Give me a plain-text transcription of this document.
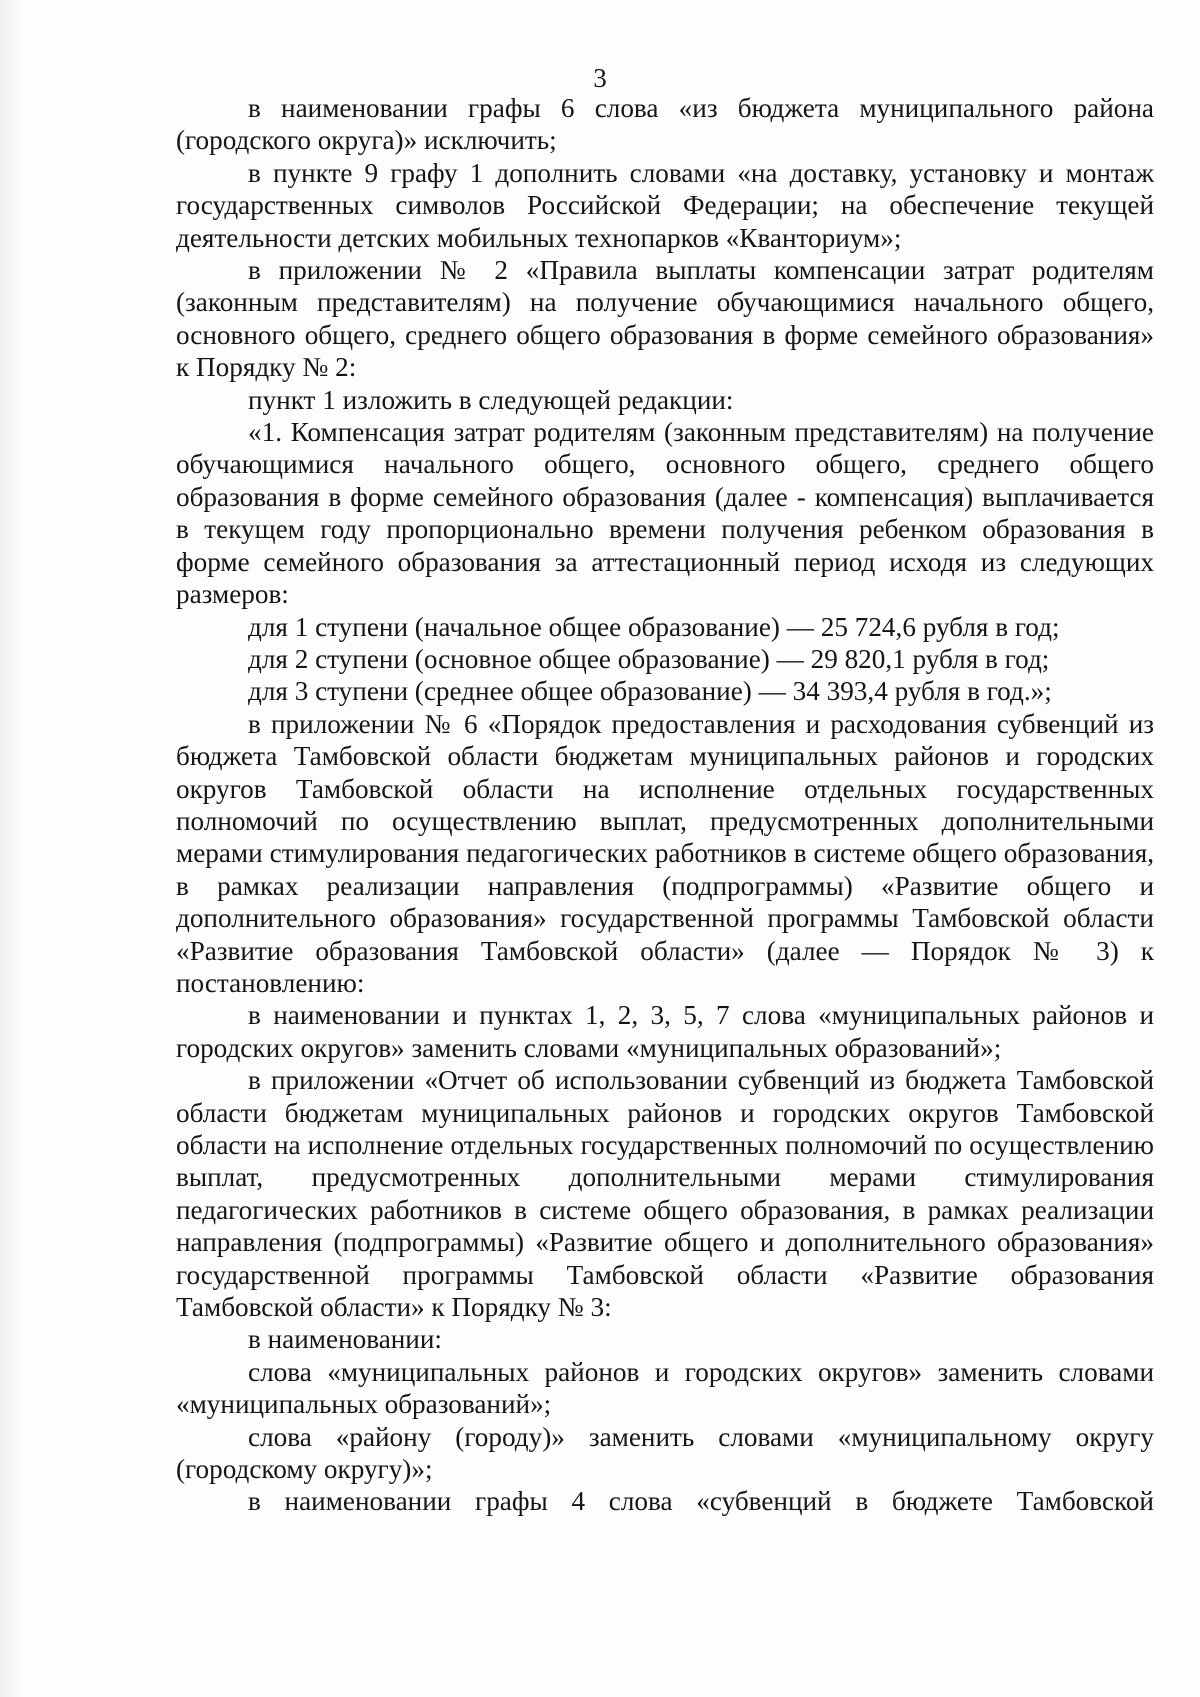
3

в наименовании графы 6 слова «из бюджета муниципального района (городского округа)» исключить;

в пункте 9 графу 1 дополнить словами «на доставку, установку и монтаж государственных символов Российской Федерации; на обеспечение текущей деятельности детских мобильных технопарков «Кванториум»;

в приложении № 2 «Правила выплаты компенсации затрат родителям (законным представителям) на получение обучающимися начального общего, основного общего, среднего общего образования в форме семейного образования» к Порядку № 2:

пункт 1 изложить в следующей редакции:

«1. Компенсация затрат родителям (законным представителям) на получение обучающимися начального общего, основного общего, среднего общего образования в форме семейного образования (далее - компенсация) выплачивается в текущем году пропорционально времени получения ребенком образования в форме семейного образования за аттестационный период исходя из следующих размеров:

для 1 ступени (начальное общее образование) — 25 724,6 рубля в год;

для 2 ступени (основное общее образование) — 29 820,1 рубля в год;

для 3 ступени (среднее общее образование) — 34 393,4 рубля в год.»;

в приложении № 6 «Порядок предоставления и расходования субвенций из бюджета Тамбовской области бюджетам муниципальных районов и городских округов Тамбовской области на исполнение отдельных государственных полномочий по осуществлению выплат, предусмотренных дополнительными мерами стимулирования педагогических работников в системе общего образования, в рамках реализации направления (подпрограммы) «Развитие общего и дополнительного образования» государственной программы Тамбовской области «Развитие образования Тамбовской области» (далее — Порядок № 3) к постановлению:

в наименовании и пунктах 1, 2, 3, 5, 7 слова «муниципальных районов и городских округов» заменить словами «муниципальных образований»;

в приложении «Отчет об использовании субвенций из бюджета Тамбовской области бюджетам муниципальных районов и городских округов Тамбовской области на исполнение отдельных государственных полномочий по осуществлению выплат, предусмотренных дополнительными мерами стимулирования педагогических работников в системе общего образования, в рамках реализации направления (подпрограммы) «Развитие общего и дополнительного образования» государственной программы Тамбовской области «Развитие образования Тамбовской области» к Порядку № 3:

в наименовании:

слова «муниципальных районов и городских округов» заменить словами «муниципальных образований»;

слова «району (городу)» заменить словами «муниципальному округу (городскому округу)»;

в наименовании графы 4 слова «субвенций в бюджете Тамбовской
